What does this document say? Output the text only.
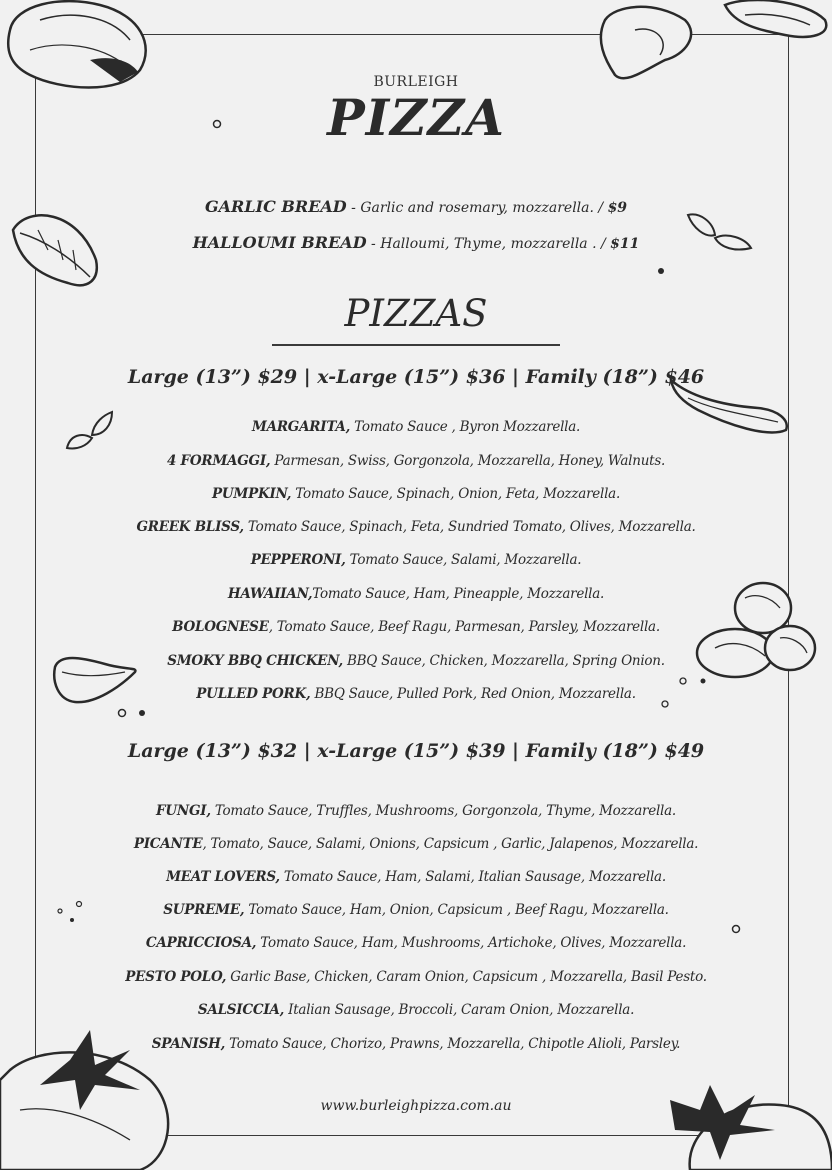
BURLEIGH
PIZZA
GARLIC BREAD - Garlic and rosemary, mozzarella. / $9
HALLOUMI BREAD - Halloumi, Thyme, mozzarella . / $11
PIZZAS
Large (13”) $29 | x-Large (15”) $36 | Family (18”) $46
MARGARITA, Tomato Sauce , Byron Mozzarella.
4 FORMAGGI, Parmesan, Swiss, Gorgonzola, Mozzarella, Honey, Walnuts.
PUMPKIN, Tomato Sauce, Spinach, Onion, Feta, Mozzarella.
GREEK BLISS, Tomato Sauce, Spinach, Feta, Sundried Tomato, Olives, Mozzarella.
PEPPERONI, Tomato Sauce, Salami, Mozzarella.
HAWAIIAN,Tomato Sauce, Ham, Pineapple, Mozzarella.
BOLOGNESE, Tomato Sauce, Beef Ragu, Parmesan, Parsley, Mozzarella.
SMOKY BBQ CHICKEN, BBQ Sauce, Chicken, Mozzarella, Spring Onion.
PULLED PORK, BBQ Sauce, Pulled Pork, Red Onion, Mozzarella.
Large (13”) $32 | x-Large (15”) $39 | Family (18”) $49
FUNGI, Tomato Sauce, Truffles, Mushrooms, Gorgonzola, Thyme, Mozzarella.
PICANTE, Tomato, Sauce, Salami, Onions, Capsicum , Garlic, Jalapenos, Mozzarella.
MEAT LOVERS, Tomato Sauce, Ham, Salami, Italian Sausage, Mozzarella.
SUPREME, Tomato Sauce, Ham, Onion, Capsicum , Beef Ragu, Mozzarella.
CAPRICCIOSA, Tomato Sauce, Ham, Mushrooms, Artichoke, Olives, Mozzarella.
PESTO POLO, Garlic Base, Chicken, Caram Onion, Capsicum , Mozzarella, Basil Pesto.
SALSICCIA, Italian Sausage, Broccoli, Caram Onion, Mozzarella.
SPANISH, Tomato Sauce, Chorizo, Prawns, Mozzarella, Chipotle Alioli, Parsley.
www.burleighpizza.com.au
